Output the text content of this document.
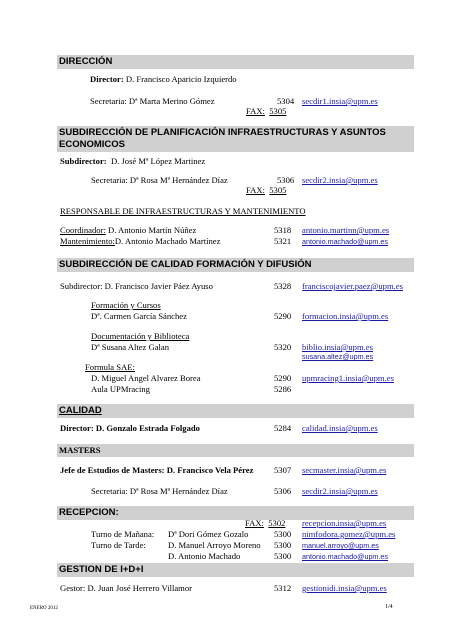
DIRECCIÓN
Director: D. Francisco Aparicio Izquierdo
Secretaria: Dª Marta Merino Gómez	5304 secdir1.insia@upm.es
FAX: 5305
SUBDIRECCIÓN DE PLANIFICACIÓN INFRAESTRUCTURAS Y ASUNTOS
ECONOMICOS
Subdirector: D. José Mª López Martinez
Secretaria: Dª Rosa Mª Hernández Díaz	5306 secdir2.insia@upm.es
FAX: 5305
RESPONSABLE DE INFRAESTRUCTURAS Y MANTENIMIENTO
Coordinador: D. Antonio Martín Núñez	5318 antonio.martinn@upm.es
Mantenimiento:D. Antonio Machado Martínez	5321 antonio.machado@upm.es
SUBDIRECCIÓN DE CALIDAD FORMACIÓN Y DIFUSIÓN
Subdirector: D. Francisco Javier Páez Ayuso	5328 franciscojavier.paez@upm.es
Formación y Cursos
Dª. Carmen García Sánchez	5290 formacion.insia@upm.es
Documentación y Biblioteca
Dª Susana Altez Galan	5320 biblio.insia@upm.es
susana.altez@upm.es
Formula SAE:
D. Miguel Angel Alvarez Borea	5290 upmracing1.insia@upm.es
Aula UPMracing	5286
CALIDAD
Director: D. Gonzalo Estrada Folgado	5284 calidad.insia@upm.es
MASTERS
Jefe de Estudios de Masters: D. Francisco Vela Pérez 5307 secmaster.insia@upm.es
Secretaria: Dª Rosa Mª Hernández Díaz	5306 secdir2.insia@upm.es
RECEPCION:
FAX: 5302 recepcion.insia@upm.es
Turno de Mañana: Dª Dori Gómez Gozalo	5300 nimfodora.gomez@upm.es
Turno de Tarde:	D. Manuel Arroyo Moreno 5300 manuel.arroyo@upm.es
D. Antonio Machado	5300 antonio.machado@upm.es
GESTION DE I+D+I
Gestor: D. Juan José Herrero Villamor	5312 gestionidi.insia@upm.es
ENERO 2012	1/4
